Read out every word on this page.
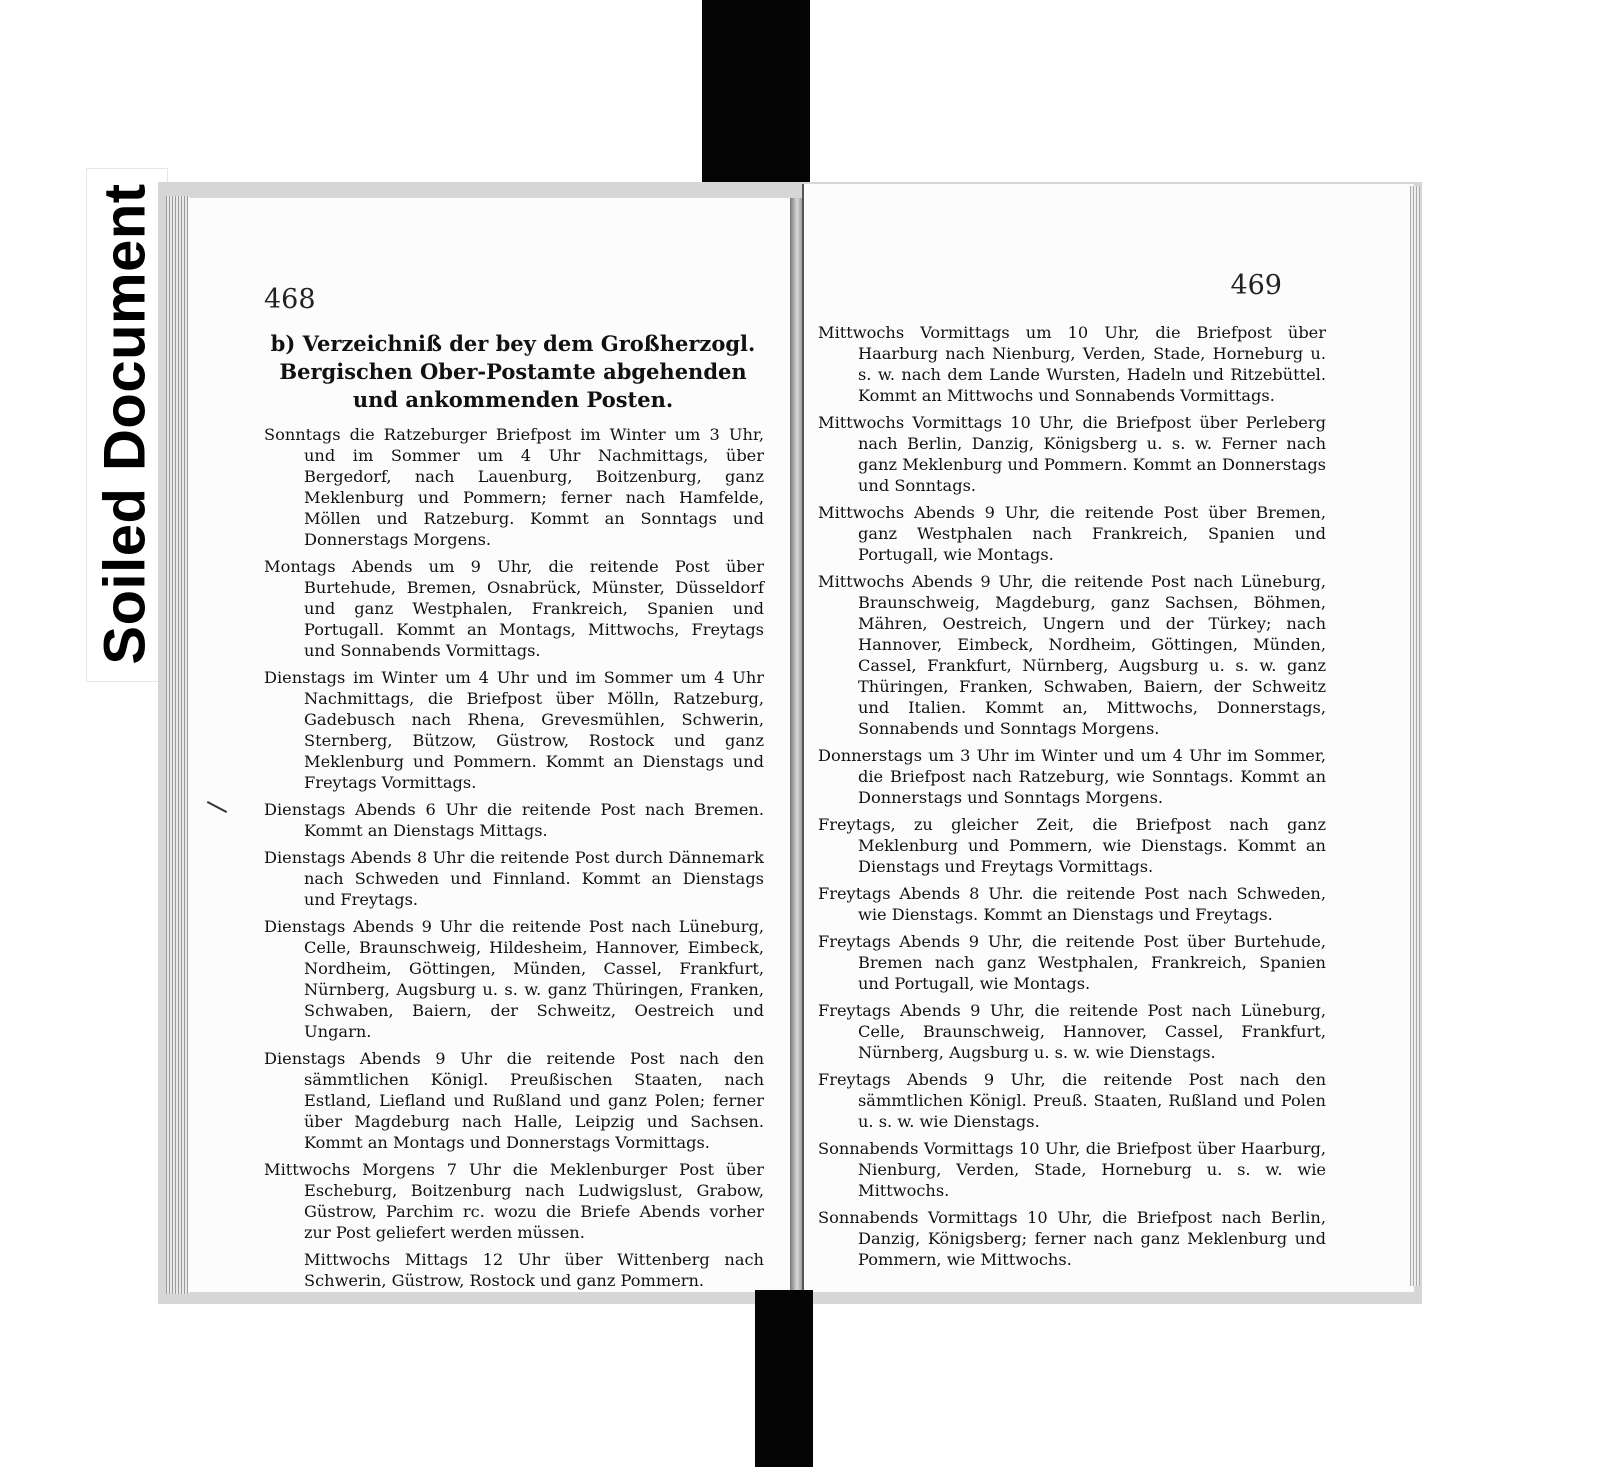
Soiled Document	468
b) Verzeichniß der bey dem Großherzogl. Bergischen Ober-Postamte abgehenden und ankommenden Posten.
Sonntags die Ratzeburger Briefpost im Winter um 3 Uhr, und im Sommer um 4 Uhr Nachmittags, über Bergedorf, nach Lauenburg, Boitzenburg, ganz Meklenburg und Pommern; ferner nach Hamfelde, Möllen und Ratzeburg. Kommt an Sonntags und Donnerstags Morgens.
Montags Abends um 9 Uhr, die reitende Post über Burtehude, Bremen, Osnabrück, Münster, Düsseldorf und ganz Westphalen, Frankreich, Spanien und Portugall. Kommt an Montags, Mittwochs, Freytags und Sonnabends Vormittags.
Dienstags im Winter um 4 Uhr und im Sommer um 4 Uhr Nachmittags, die Briefpost über Mölln, Ratzeburg, Gadebusch nach Rhena, Grevesmühlen, Schwerin, Sternberg, Bützow, Güstrow, Rostock und ganz Meklenburg und Pommern. Kommt an Dienstags und Freytags Vormittags.
Dienstags Abends 6 Uhr die reitende Post nach Bremen. Kommt an Dienstags Mittags.
Dienstags Abends 8 Uhr die reitende Post durch Dännemark nach Schweden und Finnland. Kommt an Dienstags und Freytags.
Dienstags Abends 9 Uhr die reitende Post nach Lüneburg, Celle, Braunschweig, Hildesheim, Hannover, Eimbeck, Nordheim, Göttingen, Münden, Cassel, Frankfurt, Nürnberg, Augsburg u. s. w. ganz Thüringen, Franken, Schwaben, Baiern, der Schweitz, Oestreich und Ungarn.
Dienstags Abends 9 Uhr die reitende Post nach den sämmtlichen Königl. Preußischen Staaten, nach Estland, Liefland und Rußland und ganz Polen; ferner über Magdeburg nach Halle, Leipzig und Sachsen. Kommt an Montags und Donnerstags Vormittags.
Mittwochs Morgens 7 Uhr die Meklenburger Post über Escheburg, Boitzenburg nach Ludwigslust, Grabow, Güstrow, Parchim rc. wozu die Briefe Abends vorher zur Post geliefert werden müssen.
Mittwochs Mittags 12 Uhr über Wittenberg nach Schwerin, Güstrow, Rostock und ganz Pommern.
469
Mittwochs Vormittags um 10 Uhr, die Briefpost über Haarburg nach Nienburg, Verden, Stade, Horneburg u. s. w. nach dem Lande Wursten, Hadeln und Ritzebüttel. Kommt an Mittwochs und Sonnabends Vormittags.
Mittwochs Vormittags 10 Uhr, die Briefpost über Perleberg nach Berlin, Danzig, Königsberg u. s. w. Ferner nach ganz Meklenburg und Pommern. Kommt an Donnerstags und Sonntags.
Mittwochs Abends 9 Uhr, die reitende Post über Bremen, ganz Westphalen nach Frankreich, Spanien und Portugall, wie Montags.
Mittwochs Abends 9 Uhr, die reitende Post nach Lüneburg, Braunschweig, Magdeburg, ganz Sachsen, Böhmen, Mähren, Oestreich, Ungern und der Türkey; nach Hannover, Eimbeck, Nordheim, Göttingen, Münden, Cassel, Frankfurt, Nürnberg, Augsburg u. s. w. ganz Thüringen, Franken, Schwaben, Baiern, der Schweitz und Italien. Kommt an, Mittwochs, Donnerstags, Sonnabends und Sonntags Morgens.
Donnerstags um 3 Uhr im Winter und um 4 Uhr im Sommer, die Briefpost nach Ratzeburg, wie Sonntags. Kommt an Donnerstags und Sonntags Morgens.
Freytags, zu gleicher Zeit, die Briefpost nach ganz Meklenburg und Pommern, wie Dienstags. Kommt an Dienstags und Freytags Vormittags.
Freytags Abends 8 Uhr. die reitende Post nach Schweden, wie Dienstags. Kommt an Dienstags und Freytags.
Freytags Abends 9 Uhr, die reitende Post über Burtehude, Bremen nach ganz Westphalen, Frankreich, Spanien und Portugall, wie Montags.
Freytags Abends 9 Uhr, die reitende Post nach Lüneburg, Celle, Braunschweig, Hannover, Cassel, Frankfurt, Nürnberg, Augsburg u. s. w. wie Dienstags.
Freytags Abends 9 Uhr, die reitende Post nach den sämmtlichen Königl. Preuß. Staaten, Rußland und Polen u. s. w. wie Dienstags.
Sonnabends Vormittags 10 Uhr, die Briefpost über Haarburg, Nienburg, Verden, Stade, Horneburg u. s. w. wie Mittwochs.
Sonnabends Vormittags 10 Uhr, die Briefpost nach Berlin, Danzig, Königsberg; ferner nach ganz Meklenburg und Pommern, wie Mittwochs.
